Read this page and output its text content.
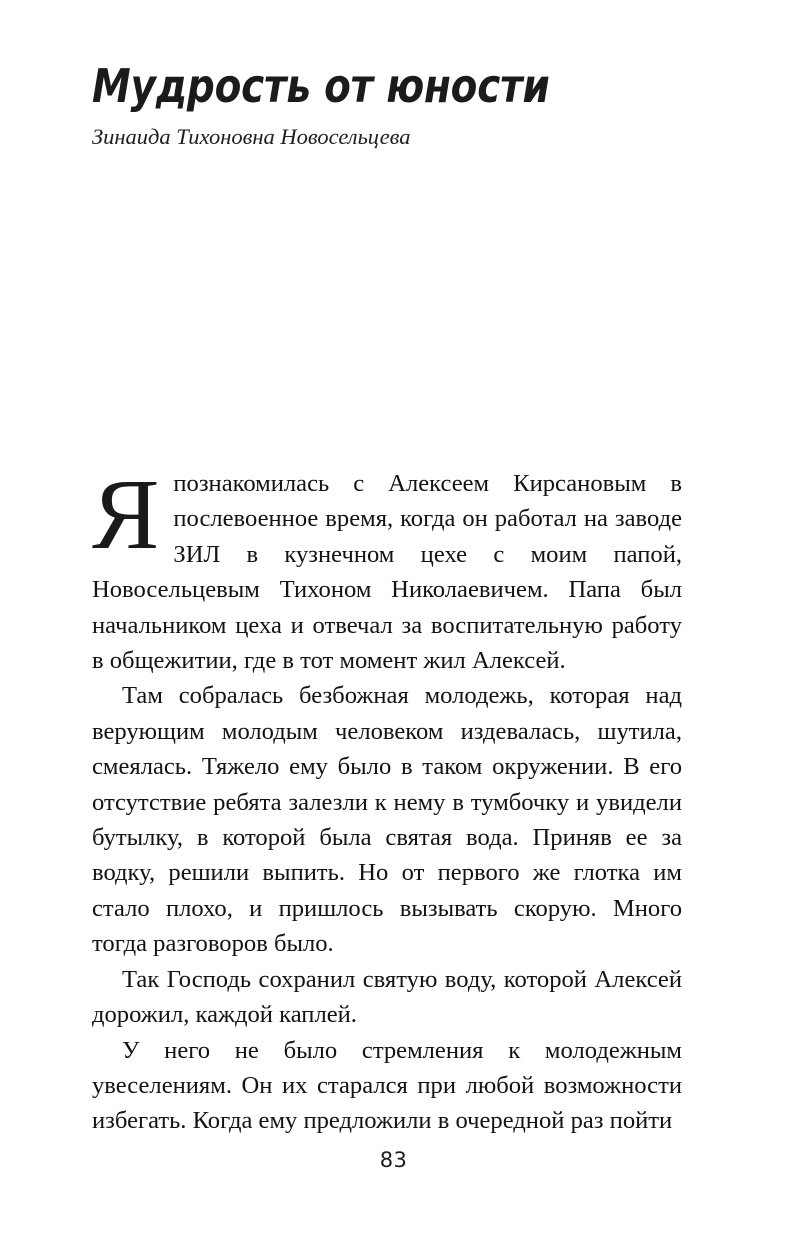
Мудрость от юности
Зинаида Тихоновна Новосельцева

Япознакомилась с Алексеем Кирсановым в послевоенное время, когда он работал на заводе ЗИЛ в кузнечном цехе с моим папой, Новосельцевым Тихоном Николаевичем. Папа был начальником цеха и отвечал за воспитательную работу в общежитии, где в тот момент жил Алексей.

Там собралась безбожная молодежь, которая над верующим молодым человеком издевалась, шутила, смеялась. Тяжело ему было в таком окружении. В его отсутствие ребята залезли к нему в тумбочку и увидели бутылку, в которой была святая вода. Приняв ее за водку, решили выпить. Но от первого же глотка им стало плохо, и пришлось вызывать скорую. Много тогда разговоров было.

Так Господь сохранил святую воду, которой Алексей дорожил, каждой каплей.

У него не было стремления к молодежным увеселениям. Он их старался при любой возможности избегать. Когда ему предложили в очередной раз пойти

83
